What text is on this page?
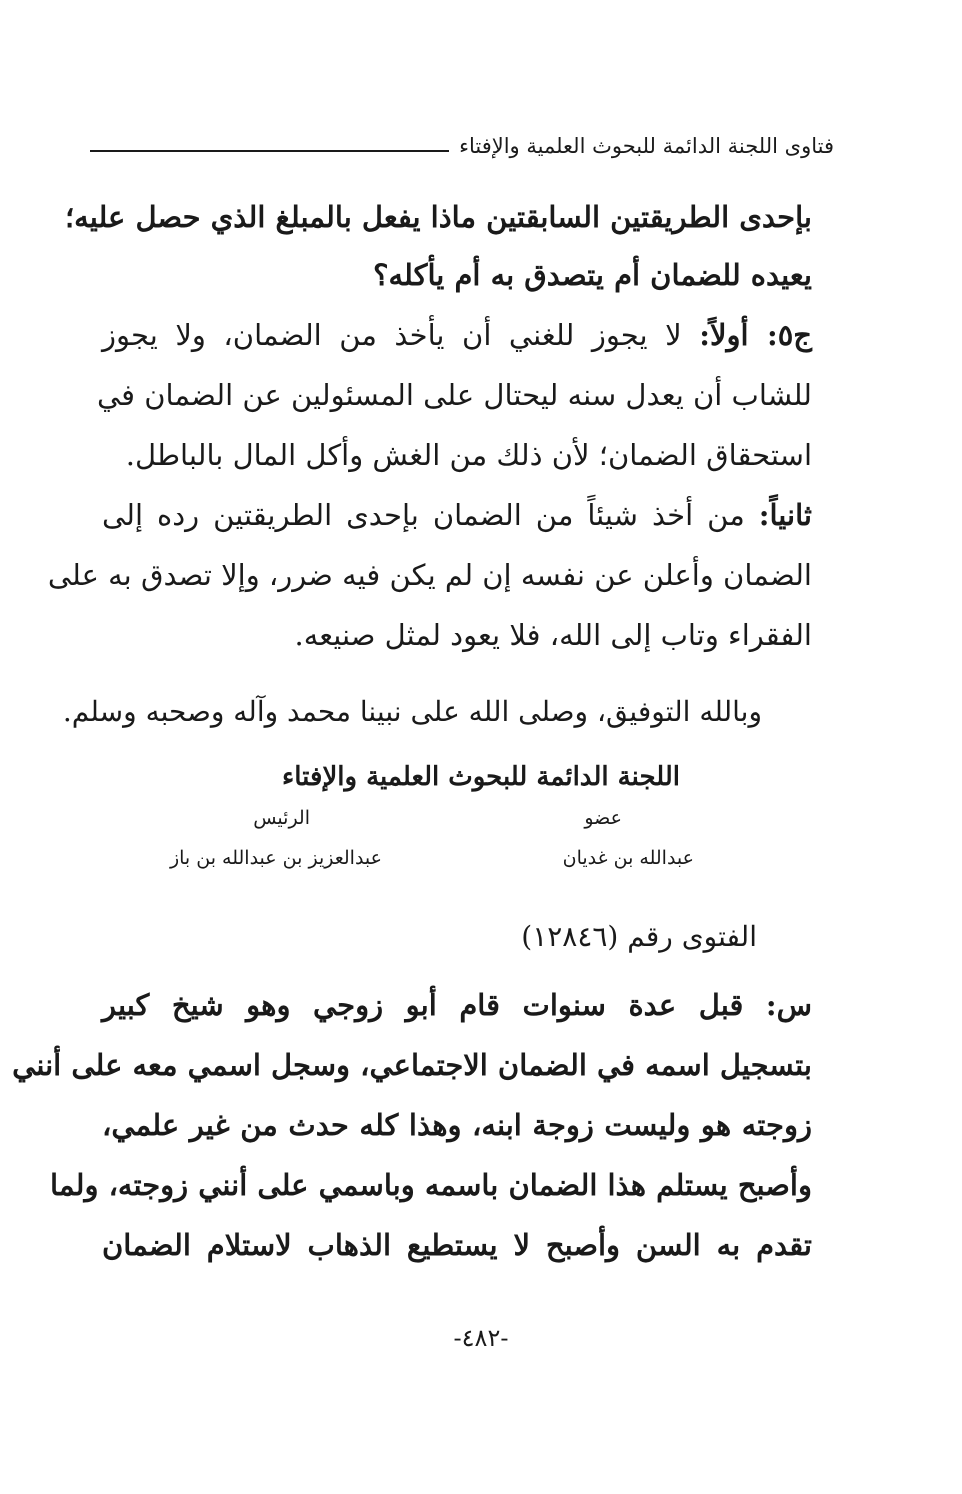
فتاوى اللجنة الدائمة للبحوث العلمية والإفتاء
بإحدى الطريقتين السابقتين ماذا يفعل بالمبلغ الذي حصل عليه؛
يعيده للضمان أم يتصدق به أم يأكله؟
ج٥: أولاً: لا يجوز للغني أن يأخذ من الضمان، ولا يجوز
للشاب أن يعدل سنه ليحتال على المسئولين عن الضمان في
استحقاق الضمان؛ لأن ذلك من الغش وأكل المال بالباطل.
ثانياً: من أخذ شيئاً من الضمان بإحدى الطريقتين رده إلى
الضمان وأعلن عن نفسه إن لم يكن فيه ضرر، وإلا تصدق به على
الفقراء وتاب إلى الله، فلا يعود لمثل صنيعه.
وبالله التوفيق، وصلى الله على نبينا محمد وآله وصحبه وسلم.
اللجنة الدائمة للبحوث العلمية والإفتاء
عضو
الرئيس
عبدالله بن غديان
عبدالعزيز بن عبدالله بن باز
الفتوى رقم (١٢٨٤٦)
س: قبل عدة سنوات قام أبو زوجي وهو شيخ كبير
بتسجيل اسمه في الضمان الاجتماعي، وسجل اسمي معه على أنني
زوجته هو وليست زوجة ابنه، وهذا كله حدث من غير علمي،
وأصبح يستلم هذا الضمان باسمه وباسمي على أنني زوجته، ولما
تقدم به السن وأصبح لا يستطيع الذهاب لاستلام الضمان
-٤٨٢-
